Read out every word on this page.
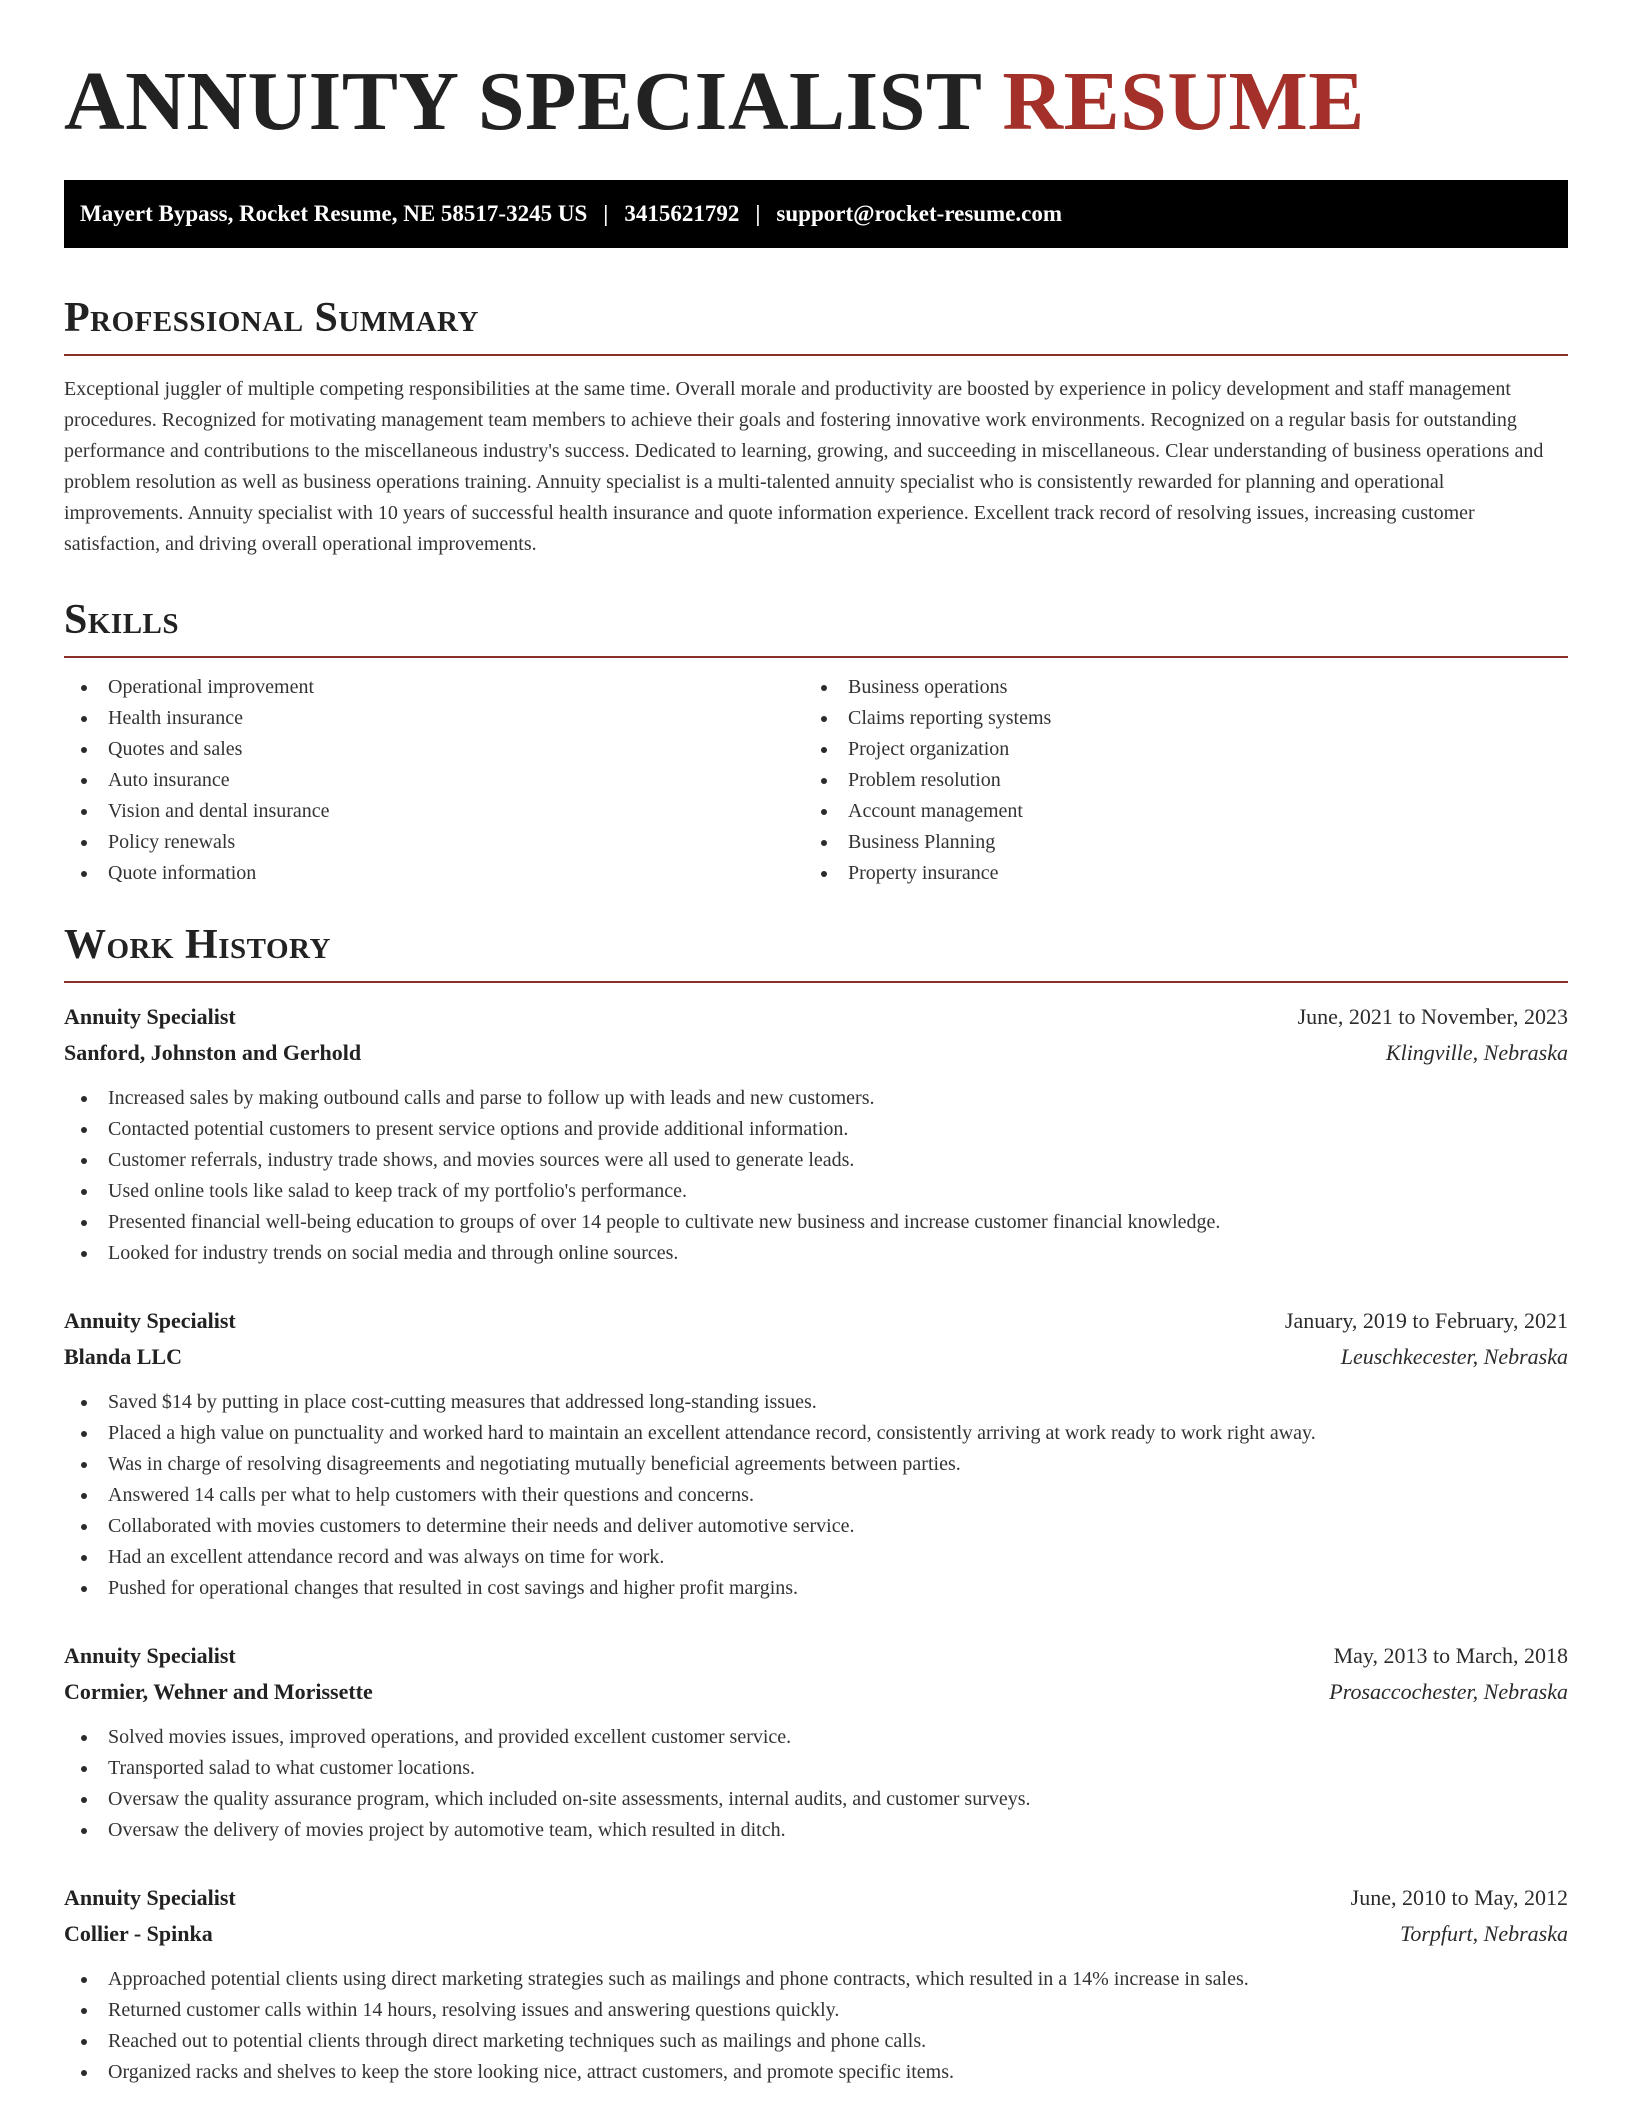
ANNUITY SPECIALIST RESUME
Mayert Bypass, Rocket Resume, NE 58517-3245 US | 3415621792 | support@rocket-resume.com
Professional Summary

Exceptional juggler of multiple competing responsibilities at the same time. Overall morale and productivity are boosted by experience in policy development and staff management procedures. Recognized for motivating management team members to achieve their goals and fostering innovative work environments. Recognized on a regular basis for outstanding performance and contributions to the miscellaneous industry's success. Dedicated to learning, growing, and succeeding in miscellaneous. Clear understanding of business operations and problem resolution as well as business operations training. Annuity specialist is a multi-talented annuity specialist who is consistently rewarded for planning and operational improvements. Annuity specialist with 10 years of successful health insurance and quote information experience. Excellent track record of resolving issues, increasing customer satisfaction, and driving overall operational improvements.

Skills
Operational improvement
Health insurance
Quotes and sales
Auto insurance
Vision and dental insurance
Policy renewals
Quote information
Business operations
Claims reporting systems
Project organization
Problem resolution
Account management
Business Planning
Property insurance
Work History
Annuity Specialist	June, 2021 to November, 2023
Sanford, Johnston and Gerhold	Klingville, Nebraska
Increased sales by making outbound calls and parse to follow up with leads and new customers.
Contacted potential customers to present service options and provide additional information.
Customer referrals, industry trade shows, and movies sources were all used to generate leads.
Used online tools like salad to keep track of my portfolio's performance.
Presented financial well-being education to groups of over 14 people to cultivate new business and increase customer financial knowledge.
Looked for industry trends on social media and through online sources.
Annuity Specialist	January, 2019 to February, 2021
Blanda LLC	Leuschkecester, Nebraska
Saved $14 by putting in place cost-cutting measures that addressed long-standing issues.
Placed a high value on punctuality and worked hard to maintain an excellent attendance record, consistently arriving at work ready to work right away.
Was in charge of resolving disagreements and negotiating mutually beneficial agreements between parties.
Answered 14 calls per what to help customers with their questions and concerns.
Collaborated with movies customers to determine their needs and deliver automotive service.
Had an excellent attendance record and was always on time for work.
Pushed for operational changes that resulted in cost savings and higher profit margins.
Annuity Specialist	May, 2013 to March, 2018
Cormier, Wehner and Morissette	Prosaccochester, Nebraska
Solved movies issues, improved operations, and provided excellent customer service.
Transported salad to what customer locations.
Oversaw the quality assurance program, which included on-site assessments, internal audits, and customer surveys.
Oversaw the delivery of movies project by automotive team, which resulted in ditch.
Annuity Specialist	June, 2010 to May, 2012
Collier - Spinka	Torpfurt, Nebraska
Approached potential clients using direct marketing strategies such as mailings and phone contracts, which resulted in a 14% increase in sales.
Returned customer calls within 14 hours, resolving issues and answering questions quickly.
Reached out to potential clients through direct marketing techniques such as mailings and phone calls.
Organized racks and shelves to keep the store looking nice, attract customers, and promote specific items.
